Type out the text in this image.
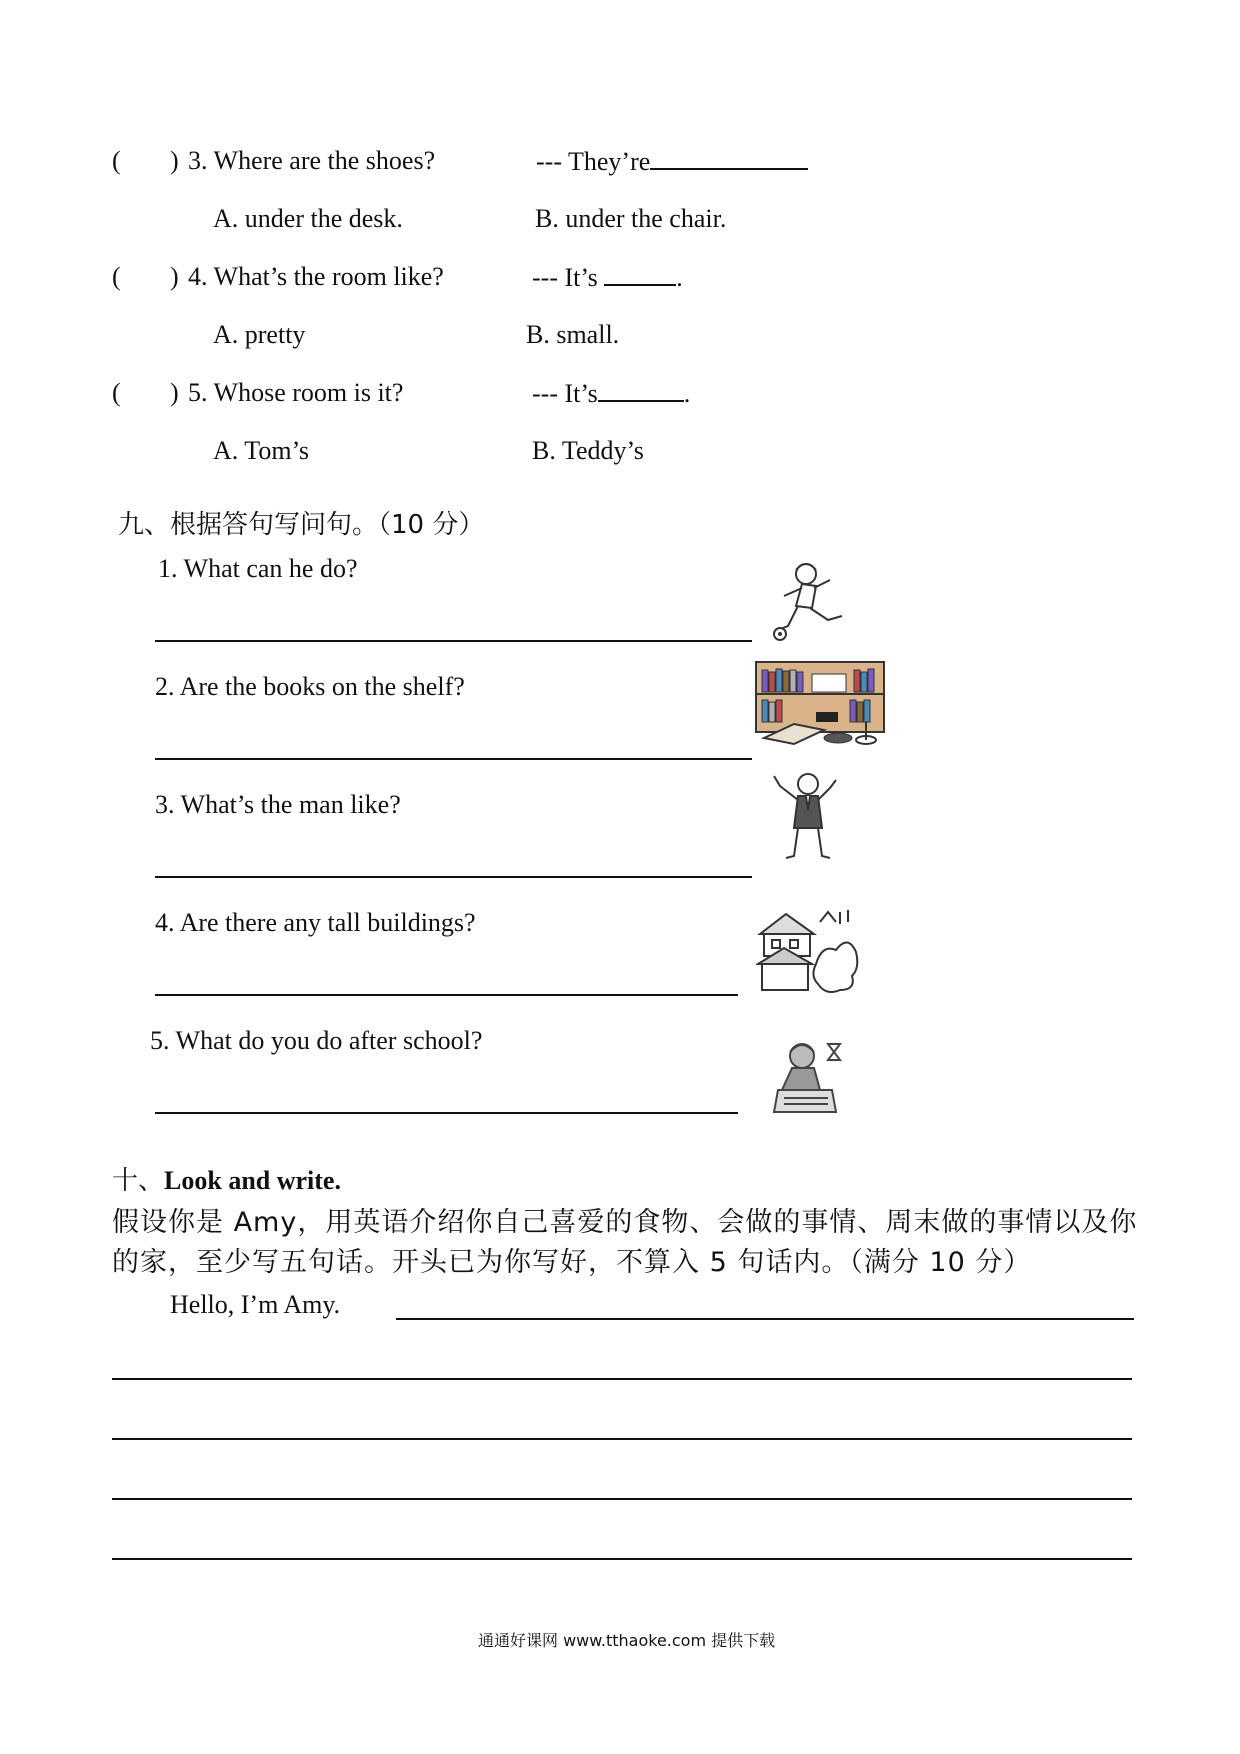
( ) 3. Where are the shoes?	--- They’re
A. under the desk.	B. under the chair.
( ) 4. What’s the room like?	--- It’s	.
A. pretty	B. small.
( ) 5. Whose room is it?	--- It’s	.
A. Tom’s	B. Teddy’s
九、根据答句写问句。（10 分）
1. What can he do?
2. Are the books on the shelf?
3. What’s the man like?
4. Are there any tall buildings?
5. What do you do after school?
十、Look and write.
假设你是 Amy，用英语介绍你自己喜爱的食物、会做的事情、周末做的事情以及你
的家，至少写五句话。开头已为你写好，不算入 5 句话内。（满分 10 分）
Hello, I’m Amy.
通通好课网 www.tthaoke.com 提供下载
